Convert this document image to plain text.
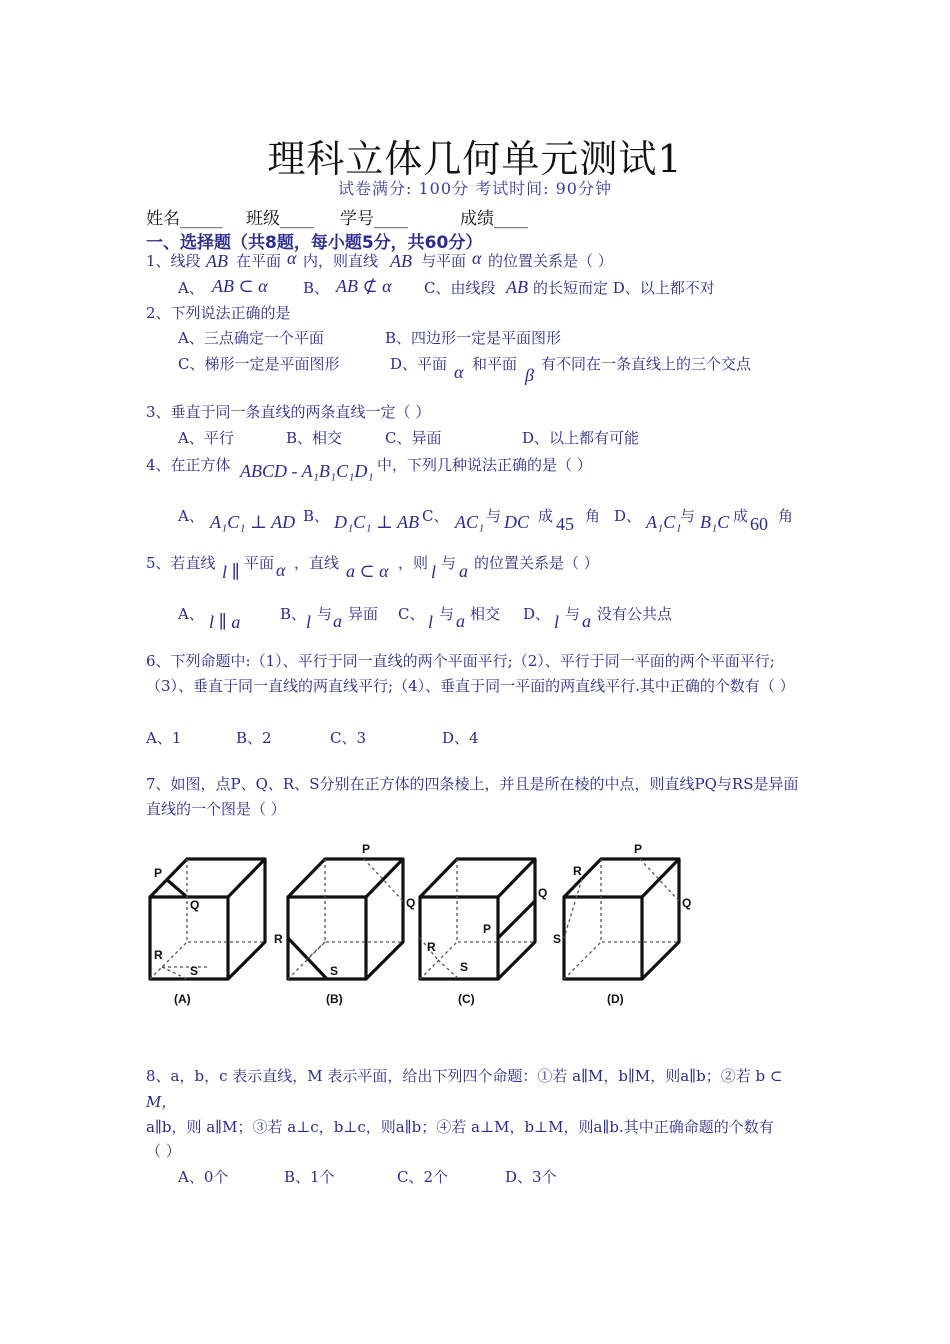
理科立体几何单元测试1
试卷满分: 100分 考试时间: 90分钟
姓名_____ 班级____ 学号____	成绩____
一、选择题（共8题，每小题5分，共60分）
1、线段 AB 在平面 α 内，则直线 AB 与平面 α 的位置关系是（ ）
A、 AB ⊂ α B、 AB ⊄ α C、由线段 AB 的长短而定 D、以上都不对
2、下列说法正确的是
A、三点确定一个平面	B、四边形一定是平面图形
C、梯形一定是平面图形	D、平面 α 和平面
β
有不同在一条直线上的三个交点
3、垂直于同一条直线的两条直线一定（ ）
A、平行	B、相交	C、异面	D、以上都有可能
4、在正方体 ABCD - A₁B₁C₁D₁ 中，下列几种说法正确的是（ ）
A、 A₁C₁ ⊥ AD B、 D₁C₁ ⊥ AB C、 AC₁ 与 DC 成 45 角 D、 A₁C₁
与 B₁C 成 60 角
5、若直线 l ∥ 平面 α ，直线 a ⊂ α ，则 l 与 a 的位置关系是（ ）
A、 l ∥ a	B、 l 与 a 异面 C、 l 与 a 相交 D、 l 与 a 没有公共点
6、下列命题中:（1）、平行于同一直线的两个平面平行;（2）、平行于同一平面的两个平面平行;（3）、垂直于同一直线的两直线平行;（4）、垂直于同一平面的两直线平行.其中正确的个数有（ ）
A、1	B、2	C、3	D、4
7、如图，点P、Q、R、S分别在正方体的四条棱上，并且是所在棱的中点，则直线PQ与RS是异面直线的一个图是（ ）
P
Q
R
S
P
Q
R
S
Q
P
R
S
P
R
Q
S
(A)	(B)	(C)	(D)
8、a，b，c 表示直线，M 表示平面，给出下列四个命题：①若 a∥M，b∥M，则a∥b；②若 b ⊂
M，
a∥b，则 a∥M；③若 a⊥c，b⊥c，则a∥b；④若 a⊥M，b⊥M，则a∥b.其中正确命题的个数有
（ ）
A、0个	B、1个	C、2个	D、3个
